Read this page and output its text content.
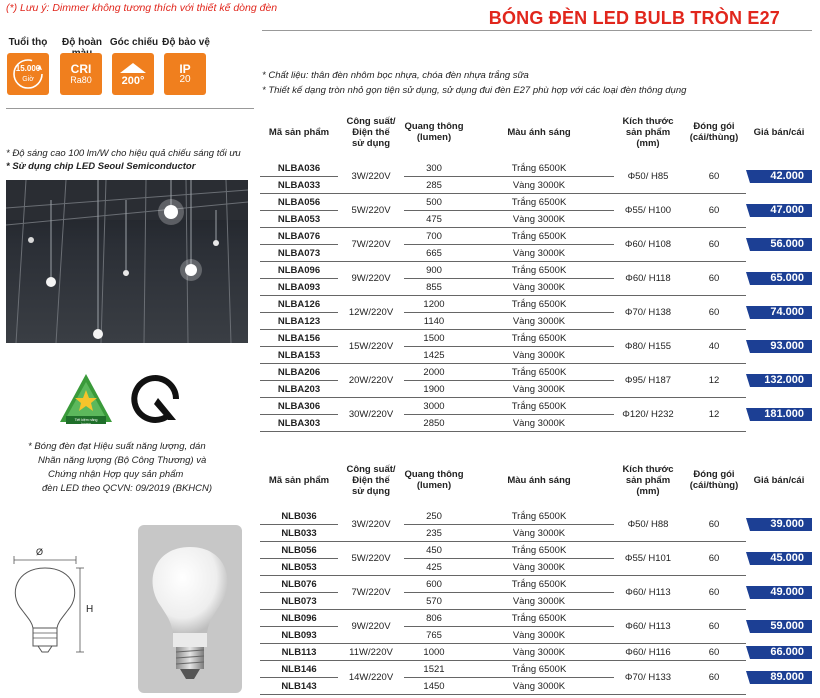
(*) Lưu ý: Dimmer không tương thích với thiết kế dòng đèn	BÓNG ĐÈN LED BULB TRÒN E27
Tuổi thọ	Độ hoàn Góc chiếu Độ bảo vệ
15.000
Giờ
CRI
Ra80	200°
IP
20	* Chất liệu: thân đèn nhôm bọc nhựa, chóa đèn nhựa trắng sữa
* Thiết kế dạng tròn nhỏ gọn tiện sử dụng, sử dụng đui đèn E27 phù hợp với các loại đèn thông dụng
* Độ sáng cao 100 lm/W cho hiệu quả chiếu sáng tối ưu
* Sử dụng chip LED Seoul Semiconductor
Tiết kiệm năng lượng
* Bóng đèn đạt Hiệu suất năng lượng, dán
Nhãn năng lượng (Bộ Công Thương) và
Chứng nhận Hợp quy sản phẩm
đèn LED theo QCVN: 09/2019 (BKHCN)
Ø
H
Mã sản phẩm	Công suất/
Điện thế
sử dụng	Quang thông
(lumen)	Màu ánh sáng	Kích thước
sản phẩm
(mm)	Đóng gói
(cái/thùng)	Giá bán/cái
NLBA036	3W/220V	300	Trắng 6500K	Φ50/ H85	60	42.000

NLBA033		285	Vàng 3000K			
NLBA056	5W/220V	500	Trắng 6500K	Φ55/ H100	60	47.000

NLBA053		475	Vàng 3000K			
NLBA076	7W/220V	700	Trắng 6500K	Φ60/ H108	60	56.000

NLBA073		665	Vàng 3000K			
NLBA096	9W/220V	900	Trắng 6500K	Φ60/ H118	60	65.000

NLBA093		855	Vàng 3000K			
NLBA126	12W/220V	1200	Trắng 6500K	Φ70/ H138	60	74.000

NLBA123		1140	Vàng 3000K			
NLBA156	15W/220V	1500	Trắng 6500K	Φ80/ H155	40	93.000

NLBA153		1425	Vàng 3000K			
NLBA206	20W/220V	2000	Trắng 6500K	Φ95/ H187	12	132.000

NLBA203		1900	Vàng 3000K			
NLBA306	30W/220V	3000	Trắng 6500K	Φ120/ H232	12	181.000

NLBA303		2850	Vàng 3000K			
Mã sản phẩm	Công suất/
Điện thế
sử dụng	Quang thông
(lumen)	Màu ánh sáng	Kích thước
sản phẩm
(mm)	Đóng gói
(cái/thùng)	Giá bán/cái
NLB036	3W/220V	250	Trắng 6500K	Φ50/ H88	60	39.000

NLB033		235	Vàng 3000K			
NLB056	5W/220V	450	Trắng 6500K	Φ55/ H101	60	45.000

NLB053		425	Vàng 3000K			
NLB076	7W/220V	600	Trắng 6500K	Φ60/ H113	60	49.000

NLB073		570	Vàng 3000K			
NLB096	9W/220V	806	Trắng 6500K	Φ60/ H113	60	59.000

NLB093		765	Vàng 3000K			
NLB113	11W/220V	1000	Vàng 3000K	Φ60/ H116	60	66.000

NLB146	14W/220V	1521	Trắng 6500K	Φ70/ H133	60	89.000

NLB143		1450	Vàng 3000K			
